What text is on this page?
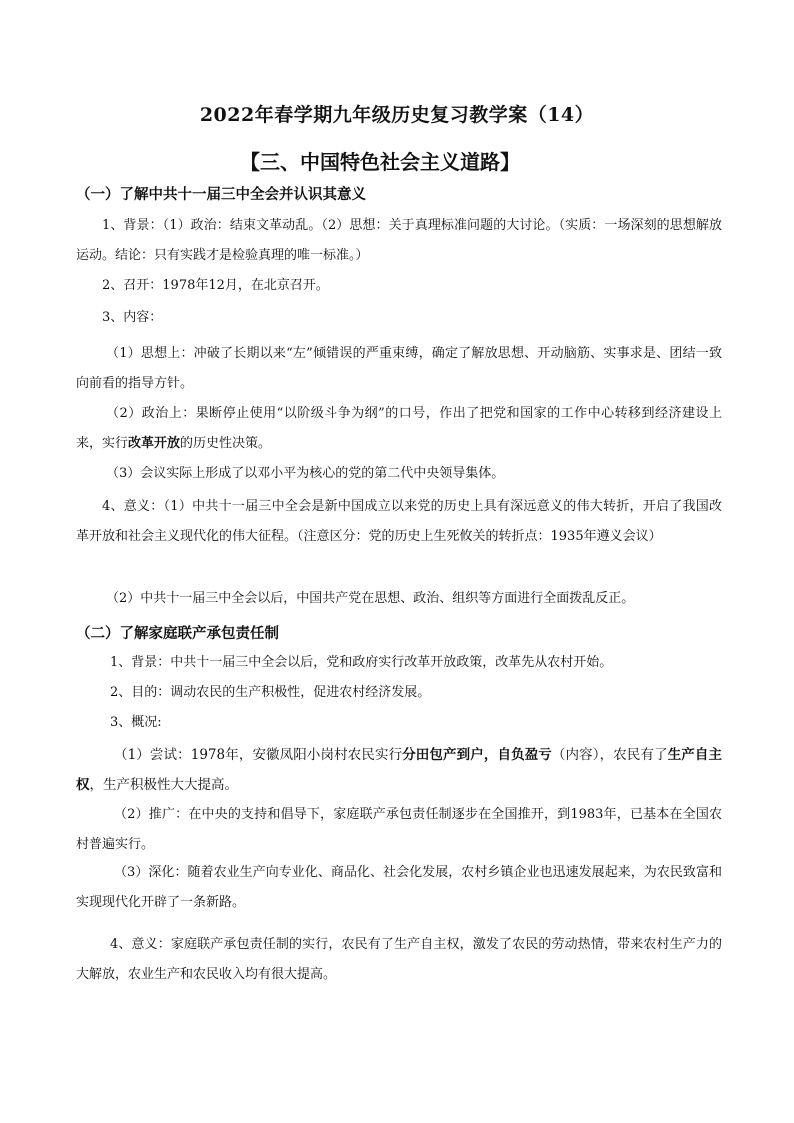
2022年春学期九年级历史复习教学案（14）
【三、中国特色社会主义道路】
（一）了解中共十一届三中全会并认识其意义
1、背景：（1）政治：结束文革动乱。（2）思想：关于真理标准问题的大讨论。（实质：一场深刻的思想解放运动。结论：只有实践才是检验真理的唯一标准。）
2、召开：1978年12月，在北京召开。
3、内容：
（1）思想上：冲破了长期以来“左”倾错误的严重束缚，确定了解放思想、开动脑筋、实事求是、团结一致向前看的指导方针。
（2）政治上：果断停止使用“以阶级斗争为纲”的口号，作出了把党和国家的工作中心转移到经济建设上来，实行改革开放的历史性决策。
（3）会议实际上形成了以邓小平为核心的党的第二代中央领导集体。
4、意义：（1）中共十一届三中全会是新中国成立以来党的历史上具有深远意义的伟大转折，开启了我国改革开放和社会主义现代化的伟大征程。（注意区分：党的历史上生死攸关的转折点：1935年遵义会议）
（2）中共十一届三中全会以后，中国共产党在思想、政治、组织等方面进行全面拨乱反正。
（二）了解家庭联产承包责任制
1、背景：中共十一届三中全会以后，党和政府实行改革开放政策，改革先从农村开始。
2、目的：调动农民的生产积极性，促进农村经济发展。
3、概况:
（1）尝试：1978年，安徽凤阳小岗村农民实行分田包产到户，自负盈亏（内容），农民有了生产自主权，生产积极性大大提高。
（2）推广：在中央的支持和倡导下，家庭联产承包责任制逐步在全国推开，到1983年，已基本在全国农村普遍实行。
（3）深化：随着农业生产向专业化、商品化、社会化发展，农村乡镇企业也迅速发展起来，为农民致富和实现现代化开辟了一条新路。
4、意义：家庭联产承包责任制的实行，农民有了生产自主权，激发了农民的劳动热情，带来农村生产力的大解放，农业生产和农民收入均有很大提高。
